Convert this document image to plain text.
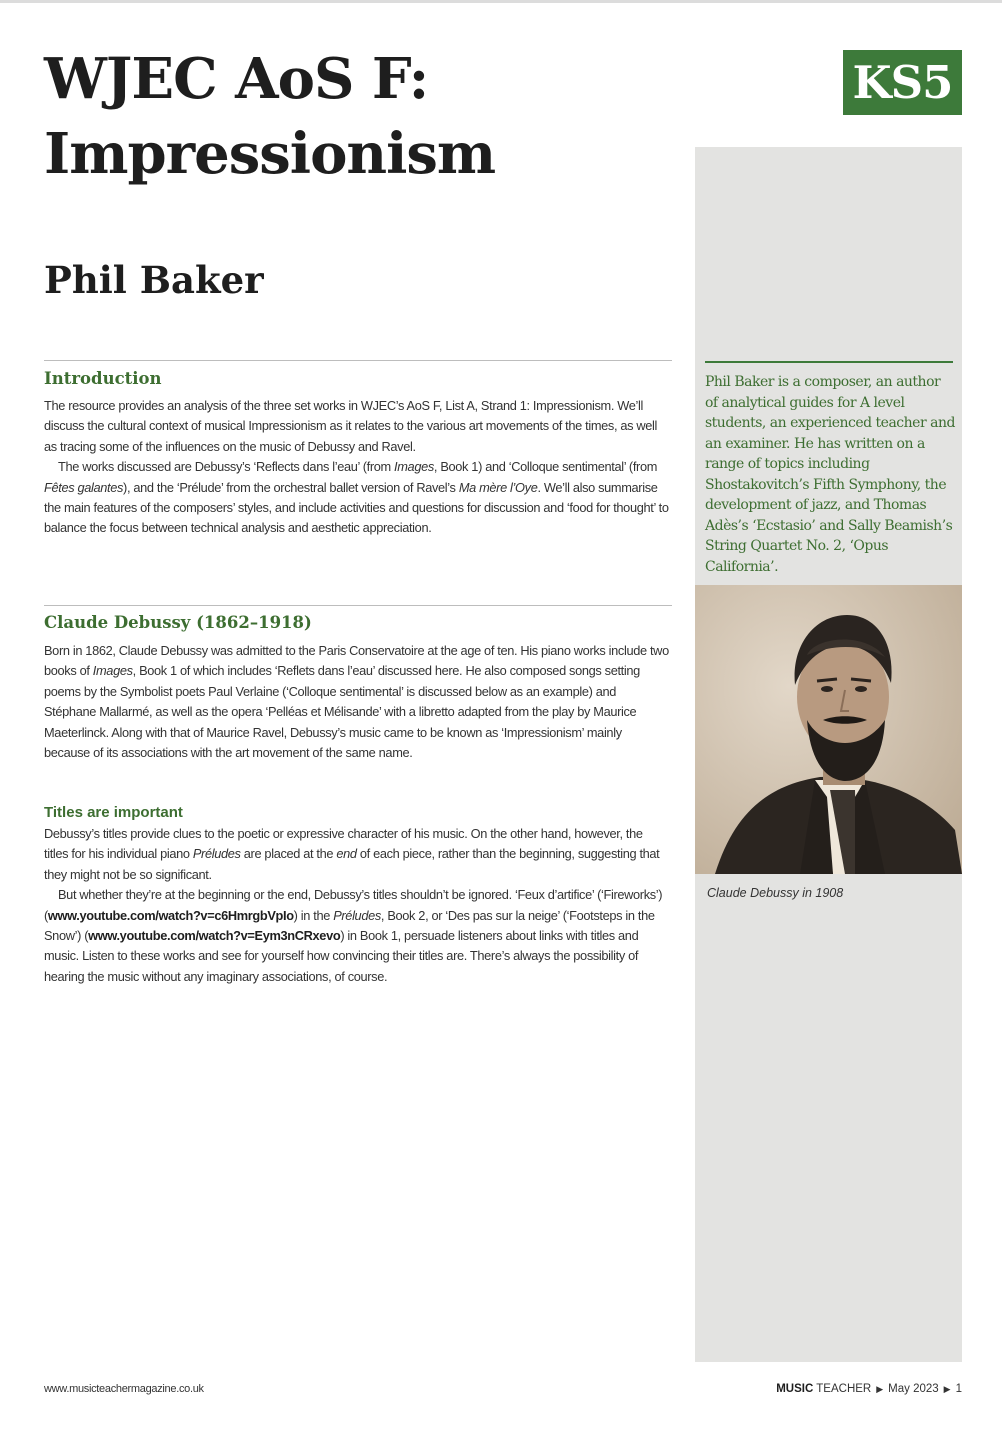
WJEC AoS F:
Impressionism
Phil Baker
KS5

Phil Baker is a composer, an author of analytical guides for A level students, an experienced teacher and an examiner. He has written on a range of topics including Shostakovitch’s Fifth Symphony, the development of jazz, and Thomas Adès’s ‘Ecstasio’ and Sally Beamish’s String Quartet No. 2, ‘Opus California’.

Claude Debussy in 1908

Introduction

The resource provides an analysis of the three set works in WJEC’s AoS F, List A, Strand 1: Impressionism. We’ll discuss the cultural context of musical Impressionism as it relates to the various art movements of the times, as well as tracing some of the influences on the music of Debussy and Ravel.

The works discussed are Debussy’s ‘Reflects dans l’eau’ (from Images, Book 1) and ‘Colloque sentimental’ (from Fêtes galantes), and the ‘Prélude’ from the orchestral ballet version of Ravel’s Ma mère l’Oye. We’ll also summarise the main features of the composers’ styles, and include activities and questions for discussion and ‘food for thought’ to balance the focus between technical analysis and aesthetic appreciation.

Claude Debussy (1862–1918)

Born in 1862, Claude Debussy was admitted to the Paris Conservatoire at the age of ten. His piano works include two books of Images, Book 1 of which includes ‘Reflets dans l’eau’ discussed here. He also composed songs setting poems by the Symbolist poets Paul Verlaine (‘Colloque sentimental’ is discussed below as an example) and Stéphane Mallarmé, as well as the opera ‘Pelléas et Mélisande’ with a libretto adapted from the play by Maurice Maeterlinck. Along with that of Maurice Ravel, Debussy’s music came to be known as ‘Impressionism’ mainly because of its associations with the art movement of the same name.

Titles are important

Debussy’s titles provide clues to the poetic or expressive character of his music. On the other hand, however, the titles for his individual piano Préludes are placed at the end of each piece, rather than the beginning, suggesting that they might not be so significant.

But whether they’re at the beginning or the end, Debussy’s titles shouldn’t be ignored. ‘Feux d’artifice’ (‘Fireworks’) (www.youtube.com/watch?v=c6HmrgbVpIo) in the Préludes, Book 2, or ‘Des pas sur la neige’ (‘Footsteps in the Snow’) (www.youtube.com/watch?v=Eym3nCRxevo) in Book 1, persuade listeners about links with titles and music. Listen to these works and see for yourself how convincing their titles are. There’s always the possibility of hearing the music without any imaginary associations, of course.

www.musicteachermagazine.co.uk	MUSIC TEACHER ▶ May 2023 ▶ 1
